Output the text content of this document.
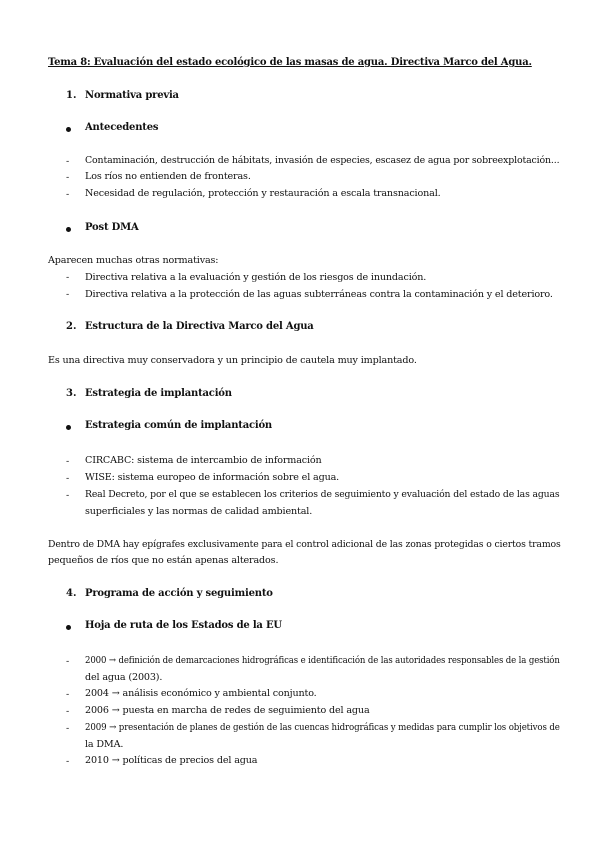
Tema 8: Evaluación del estado ecológico de las masas de agua. Directiva Marco del Agua.
1. Normativa previa
Antecedentes
- Contaminación, destrucción de hábitats, invasión de especies, escasez de agua por sobreexplotación...
- Los ríos no entienden de fronteras.
- Necesidad de regulación, protección y restauración a escala transnacional.
Post DMA
Aparecen muchas otras normativas:
- Directiva relativa a la evaluación y gestión de los riesgos de inundación.
- Directiva relativa a la protección de las aguas subterráneas contra la contaminación y el deterioro.
2. Estructura de la Directiva Marco del Agua
Es una directiva muy conservadora y un principio de cautela muy implantado.
3. Estrategia de implantación
Estrategia común de implantación
- CIRCABC: sistema de intercambio de información
- WISE: sistema europeo de información sobre el agua.
- Real Decreto, por el que se establecen los criterios de seguimiento y evaluación del estado de las aguas
superficiales y las normas de calidad ambiental.
Dentro de DMA hay epígrafes exclusivamente para el control adicional de las zonas protegidas o ciertos tramos
pequeños de ríos que no están apenas alterados.
4. Programa de acción y seguimiento
Hoja de ruta de los Estados de la EU
- 2000 → definición de demarcaciones hidrográficas e identificación de las autoridades responsables de la gestión
del agua (2003).
- 2004 → análisis económico y ambiental conjunto.
- 2006 → puesta en marcha de redes de seguimiento del agua
- 2009 → presentación de planes de gestión de las cuencas hidrográficas y medidas para cumplir los objetivos de
la DMA.
- 2010 → políticas de precios del agua
